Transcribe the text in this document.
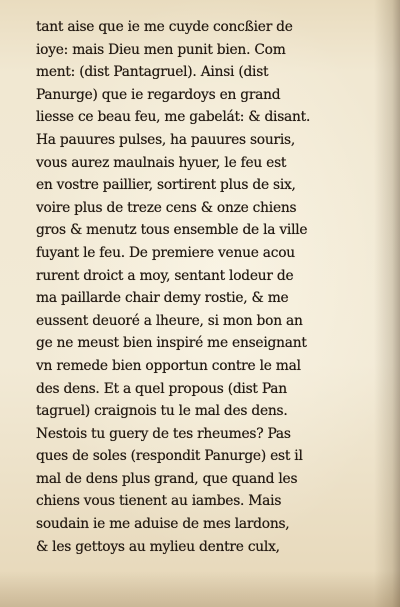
tant aise que ie me cuyde concßier de
ioye: mais Dieu men punit bien. Com
ment: (dist Pantagruel). Ainsi (dist
Panurge) que ie regardoys en grand
liesse ce beau feu, me gabelát: & disant.
Ha pauures pulses, ha pauures souris,
vous aurez maulnais hyuer, le feu est
en vostre paillier, sortirent plus de six,
voire plus de treze cens & onze chiens
gros & menutz tous ensemble de la ville
fuyant le feu. De premiere venue acou
rurent droict a moy, sentant lodeur de
ma paillarde chair demy rostie, & me
eussent deuoré a lheure, si mon bon an
ge ne meust bien inspiré me enseignant
vn remede bien opportun contre le mal
des dens. Et a quel propous (dist Pan
tagruel) craignois tu le mal des dens.
Nestois tu guery de tes rheumes? Pas
ques de soles (respondit Panurge) est il
mal de dens plus grand, que quand les
chiens vous tienent au iambes. Mais
soudain ie me aduise de mes lardons,
& les gettoys au mylieu dentre culx,
